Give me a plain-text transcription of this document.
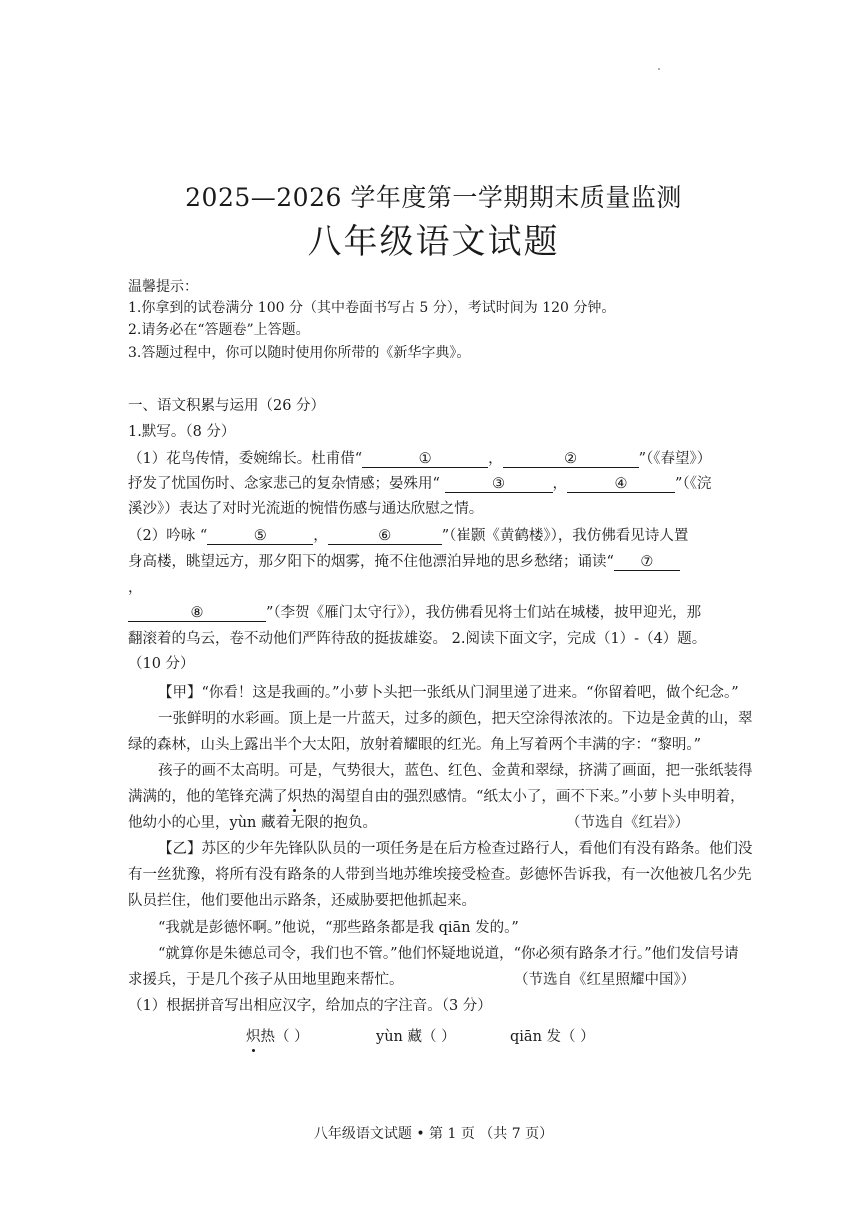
2025—2026 学年度第一学期期末质量监测
八年级语文试题
温馨提示：
1.你拿到的试卷满分 100 分（其中卷面书写占 5 分），考试时间为 120 分钟。
2.请务必在“答题卷”上答题。
3.答题过程中，你可以随时使用你所带的《新华字典》。
一、语文积累与运用（26 分）
1.默写。（8 分）
（1）花鸟传情，委婉绵长。杜甫借“	①	，	②	”（《春望》）
抒发了忧国伤时、念家悲己的复杂情感；晏殊用“	③	，	④	”（《浣
溪沙》）表达了对时光流逝的惋惜伤感与通达欣慰之情。
（2）吟咏 “	⑤	，	⑥	”（崔颢《黄鹤楼》），我仿佛看见诗人置
身高楼，眺望远方，那夕阳下的烟雾，掩不住他漂泊异地的思乡愁绪；诵读“ ⑦
，
⑧	”（李贺《雁门太守行》），我仿佛看见将士们站在城楼，披甲迎光，那
翻滚着的乌云，卷不动他们严阵待敌的挺拔雄姿。 2.阅读下面文字，完成（1）-（4）题。
（10 分）
【甲】“你看！这是我画的。”小萝卜头把一张纸从门洞里递了进来。“你留着吧，做个纪念。”
一张鲜明的水彩画。顶上是一片蓝天，过多的颜色，把天空涂得浓浓的。下边是金黄的山，翠
绿的森林，山头上露出半个大太阳，放射着耀眼的红光。角上写着两个丰满的字：“黎明。”
孩子的画不太高明。可是，气势很大，蓝色、红色、金黄和翠绿，挤满了画面，把一张纸装得
满满的，他的笔锋充满了炽热的渴望自由的强烈感情。“纸太小了，画不下来。”小萝卜头申明着，
他幼小的心里，yùn 藏着无限的抱负。	（节选自《红岩》）
【乙】苏区的少年先锋队队员的一项任务是在后方检查过路行人，看他们有没有路条。他们没
有一丝犹豫，将所有没有路条的人带到当地苏维埃接受检查。彭德怀告诉我，有一次他被几名少先
队员拦住，他们要他出示路条，还威胁要把他抓起来。
“我就是彭德怀啊。”他说，“那些路条都是我 qiān 发的。”
“就算你是朱德总司令，我们也不管。”他们怀疑地说道，“你必须有路条才行。”他们发信号请
求援兵，于是几个孩子从田地里跑来帮忙。	（节选自《红星照耀中国》）
（1）根据拼音写出相应汉字，给加点的字注音。（3 分）
炽热（ ）	yùn 藏（ ）	qiān 发（ ）
八年级语文试题 • 第 1 页 （共 7 页）
